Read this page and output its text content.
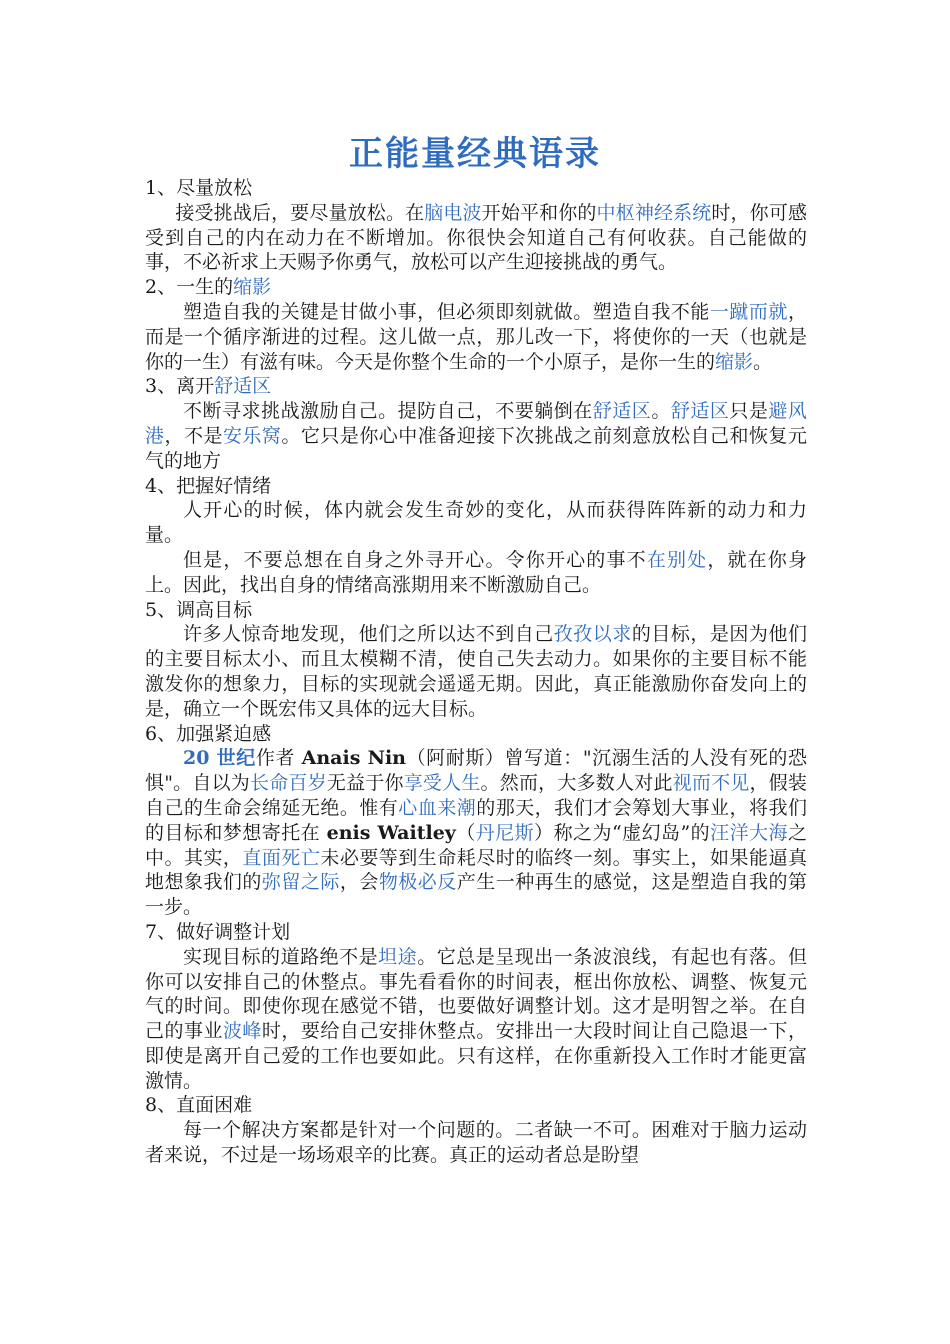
正能量经典语录

1、尽量放松

接受挑战后，要尽量放松。在脑电波开始平和你的中枢神经系统时，你可感受到自己的内在动力在不断增加。你很快会知道自己有何收获。自己能做的事，不必祈求上天赐予你勇气，放松可以产生迎接挑战的勇气。

2、一生的缩影

塑造自我的关键是甘做小事，但必须即刻就做。塑造自我不能一蹴而就，而是一个循序渐进的过程。这儿做一点，那儿改一下，将使你的一天（也就是你的一生）有滋有味。今天是你整个生命的一个小原子，是你一生的缩影。

3、离开舒适区

不断寻求挑战激励自己。提防自己，不要躺倒在舒适区。舒适区只是避风港，不是安乐窝。它只是你心中准备迎接下次挑战之前刻意放松自己和恢复元气的地方

4、把握好情绪

人开心的时候，体内就会发生奇妙的变化，从而获得阵阵新的动力和力量。

但是，不要总想在自身之外寻开心。令你开心的事不在别处，就在你身上。因此，找出自身的情绪高涨期用来不断激励自己。

5、调高目标

许多人惊奇地发现，他们之所以达不到自己孜孜以求的目标，是因为他们的主要目标太小、而且太模糊不清，使自己失去动力。如果你的主要目标不能激发你的想象力，目标的实现就会遥遥无期。因此，真正能激励你奋发向上的是，确立一个既宏伟又具体的远大目标。

6、加强紧迫感

20 世纪作者 Anais Nin（阿耐斯）曾写道："沉溺生活的人没有死的恐惧"。自以为长命百岁无益于你享受人生。然而，大多数人对此视而不见，假装自己的生命会绵延无绝。惟有心血来潮的那天，我们才会筹划大事业，将我们的目标和梦想寄托在 enis Waitley（丹尼斯）称之为“虚幻岛”的汪洋大海之中。其实，直面死亡未必要等到生命耗尽时的临终一刻。事实上，如果能逼真地想象我们的弥留之际，会物极必反产生一种再生的感觉，这是塑造自我的第一步。

7、做好调整计划

实现目标的道路绝不是坦途。它总是呈现出一条波浪线，有起也有落。但你可以安排自己的休整点。事先看看你的时间表，框出你放松、调整、恢复元气的时间。即使你现在感觉不错，也要做好调整计划。这才是明智之举。在自己的事业波峰时，要给自己安排休整点。安排出一大段时间让自己隐退一下，即使是离开自己爱的工作也要如此。只有这样，在你重新投入工作时才能更富激情。

8、直面困难

每一个解决方案都是针对一个问题的。二者缺一不可。困难对于脑力运动者来说，不过是一场场艰辛的比赛。真正的运动者总是盼望
